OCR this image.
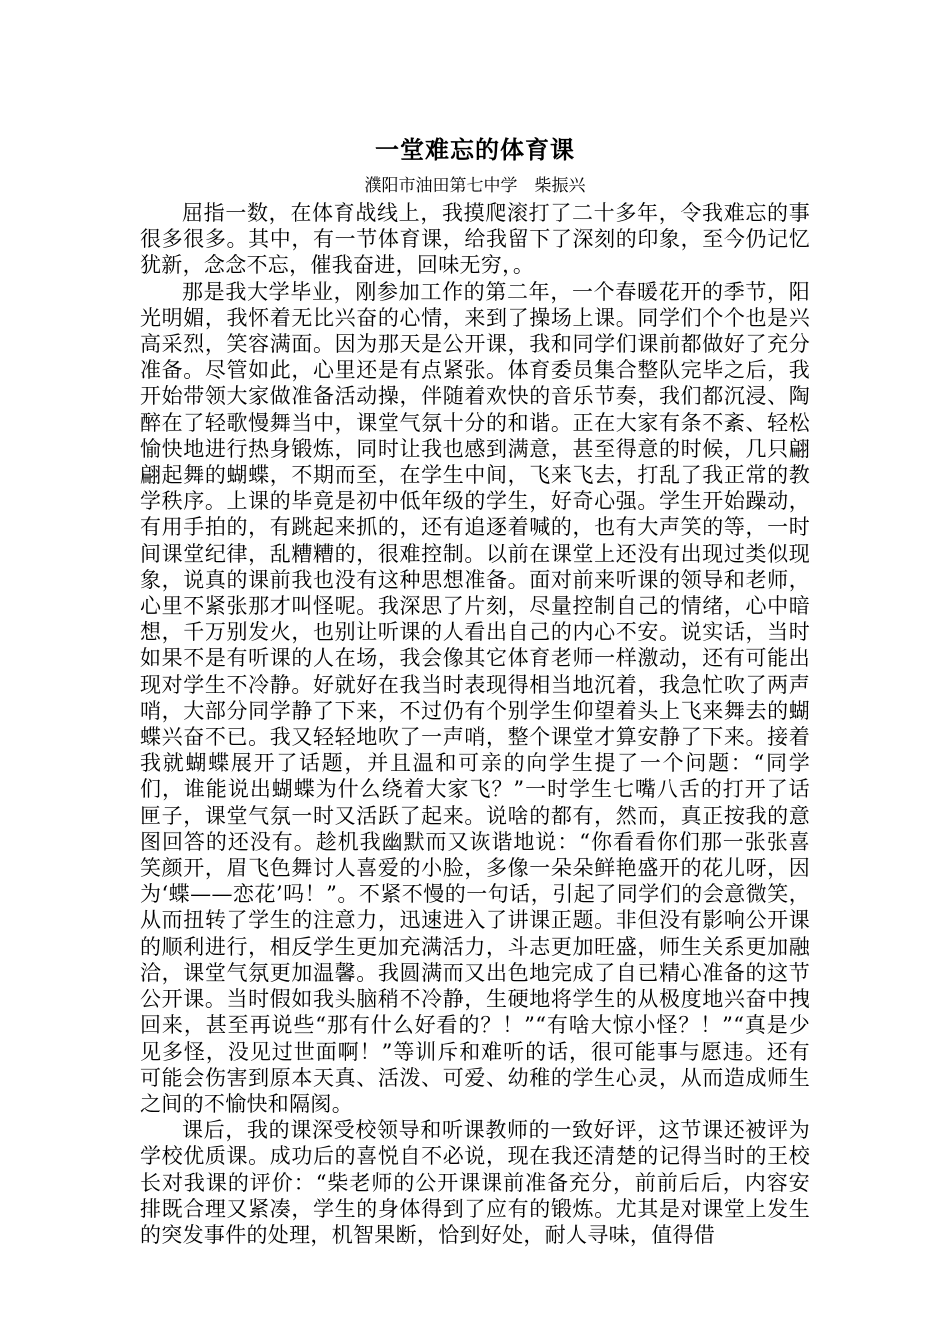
一堂难忘的体育课
濮阳市油田第七中学　柴振兴

屈指一数，在体育战线上，我摸爬滚打了二十多年，令我难忘的事很多很多。其中，有一节体育课，给我留下了深刻的印象，至今仍记忆犹新，念念不忘，催我奋进，回味无穷，。

那是我大学毕业，刚参加工作的第二年，一个春暖花开的季节，阳光明媚，我怀着无比兴奋的心情，来到了操场上课。同学们个个也是兴高采烈，笑容满面。因为那天是公开课，我和同学们课前都做好了充分准备。尽管如此，心里还是有点紧张。体育委员集合整队完毕之后，我开始带领大家做准备活动操，伴随着欢快的音乐节奏，我们都沉浸、陶醉在了轻歌慢舞当中，课堂气氛十分的和谐。正在大家有条不紊、轻松愉快地进行热身锻炼，同时让我也感到满意，甚至得意的时候，几只翩翩起舞的蝴蝶，不期而至，在学生中间，飞来飞去，打乱了我正常的教学秩序。上课的毕竟是初中低年级的学生，好奇心强。学生开始躁动，有用手拍的，有跳起来抓的，还有追逐着喊的，也有大声笑的等，一时间课堂纪律，乱糟糟的，很难控制。以前在课堂上还没有出现过类似现象，说真的课前我也没有这种思想准备。面对前来听课的领导和老师，心里不紧张那才叫怪呢。我深思了片刻，尽量控制自己的情绪，心中暗想，千万别发火，也别让听课的人看出自己的内心不安。说实话，当时如果不是有听课的人在场，我会像其它体育老师一样激动，还有可能出现对学生不冷静。好就好在我当时表现得相当地沉着，我急忙吹了两声哨，大部分同学静了下来，不过仍有个别学生仰望着头上飞来舞去的蝴蝶兴奋不已。我又轻轻地吹了一声哨，整个课堂才算安静了下来。接着我就蝴蝶展开了话题，并且温和可亲的向学生提了一个问题：“同学们，谁能说出蝴蝶为什么绕着大家飞？”一时学生七嘴八舌的打开了话匣子，课堂气氛一时又活跃了起来。说啥的都有，然而，真正按我的意图回答的还没有。趁机我幽默而又诙谐地说：“你看看你们那一张张喜笑颜开，眉飞色舞讨人喜爱的小脸，多像一朵朵鲜艳盛开的花儿呀，因为‘蝶——恋花’吗！”。不紧不慢的一句话，引起了同学们的会意微笑，从而扭转了学生的注意力，迅速进入了讲课正题。非但没有影响公开课的顺利进行，相反学生更加充满活力，斗志更加旺盛，师生关系更加融洽，课堂气氛更加温馨。我圆满而又出色地完成了自已精心准备的这节公开课。当时假如我头脑稍不冷静，生硬地将学生的从极度地兴奋中拽回来，甚至再说些“那有什么好看的？！”“有啥大惊小怪？！”“真是少见多怪，没见过世面啊！”等训斥和难听的话，很可能事与愿违。还有可能会伤害到原本天真、活泼、可爱、幼稚的学生心灵，从而造成师生之间的不愉快和隔阂。

课后，我的课深受校领导和听课教师的一致好评，这节课还被评为学校优质课。成功后的喜悦自不必说，现在我还清楚的记得当时的王校长对我课的评价：“柴老师的公开课课前准备充分，前前后后，内容安排既合理又紧凑，学生的身体得到了应有的锻炼。尤其是对课堂上发生的突发事件的处理，机智果断，恰到好处，耐人寻味，值得借
